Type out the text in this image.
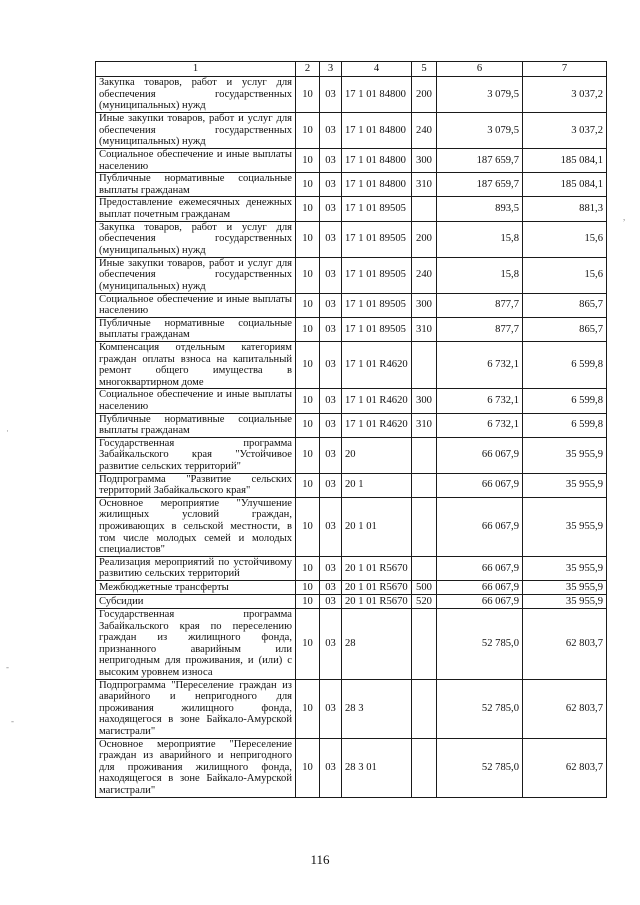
1	2	3	4	5	6	7
Закупка товаров, работ и услуг для обеспечения государственных (муниципальных) нужд	10	03	17 1 01 84800	200	3 079,5	3 037,2
Иные закупки товаров, работ и услуг для обеспечения государственных (муниципальных) нужд	10	03	17 1 01 84800	240	3 079,5	3 037,2
Социальное обеспечение и иные выплаты населению	10	03	17 1 01 84800	300	187 659,7	185 084,1
Публичные нормативные социальные выплаты гражданам	10	03	17 1 01 84800	310	187 659,7	185 084,1
Предоставление ежемесячных денежных выплат почетным гражданам	10	03	17 1 01 89505		893,5	881,3
Закупка товаров, работ и услуг для обеспечения государственных (муниципальных) нужд	10	03	17 1 01 89505	200	15,8	15,6
Иные закупки товаров, работ и услуг для обеспечения государственных (муниципальных) нужд	10	03	17 1 01 89505	240	15,8	15,6
Социальное обеспечение и иные выплаты населению	10	03	17 1 01 89505	300	877,7	865,7
Публичные нормативные социальные выплаты гражданам	10	03	17 1 01 89505	310	877,7	865,7
Компенсация отдельным категориям граждан оплаты взноса на капитальный ремонт общего имущества в многоквартирном доме	10	03	17 1 01 R4620		6 732,1	6 599,8
Социальное обеспечение и иные выплаты населению	10	03	17 1 01 R4620	300	6 732,1	6 599,8
Публичные нормативные социальные выплаты гражданам	10	03	17 1 01 R4620	310	6 732,1	6 599,8
Государственная программа Забайкальского края "Устойчивое развитие сельских территорий"	10	03	20		66 067,9	35 955,9
Подпрограмма "Развитие сельских территорий Забайкальского края"	10	03	20 1		66 067,9	35 955,9
Основное мероприятие "Улучшение жилищных условий граждан, проживающих в сельской местности, в том числе молодых семей и молодых специалистов"	10	03	20 1 01		66 067,9	35 955,9
Реализация мероприятий по устойчивому развитию сельских территорий	10	03	20 1 01 R5670		66 067,9	35 955,9
Межбюджетные трансферты	10	03	20 1 01 R5670	500	66 067,9	35 955,9
Субсидии	10	03	20 1 01 R5670	520	66 067,9	35 955,9
Государственная программа Забайкальского края по переселению граждан из жилищного фонда, признанного аварийным или непригодным для проживания, и (или) с высоким уровнем износа	10	03	28		52 785,0	62 803,7
Подпрограмма "Переселение граждан из аварийного и непригодного для проживания жилищного фонда, находящегося в зоне Байкало-Амурской магистрали"	10	03	28 3		52 785,0	62 803,7
Основное мероприятие "Переселение граждан из аварийного и непригодного для проживания жилищного фонда, находящегося в зоне Байкало-Амурской магистрали"	10	03	28 3 01		52 785,0	62 803,7
,
·
-
-
116
